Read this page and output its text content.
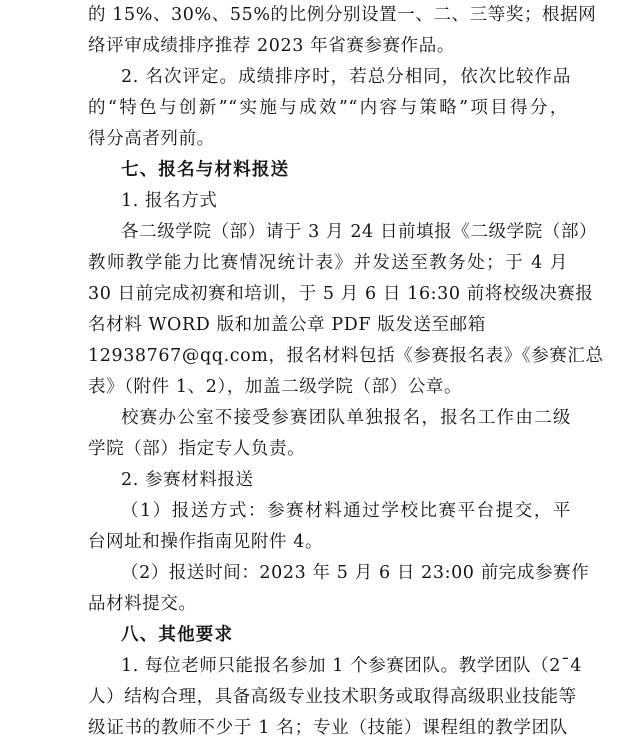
的 15%、30%、55%的比例分别设置一、二、三等奖；根据网
络评审成绩排序推荐 2023 年省赛参赛作品。
2. 名次评定。成绩排序时，若总分相同，依次比较作品
的“特色与创新”“实施与成效”“内容与策略”项目得分，
得分高者列前。
七、报名与材料报送
1. 报名方式
各二级学院（部）请于 3 月 24 日前填报《二级学院（部）
教师教学能力比赛情况统计表》并发送至教务处；于 4 月
30 日前完成初赛和培训，于 5 月 6 日 16:30 前将校级决赛报
名材料 WORD 版和加盖公章 PDF 版发送至邮箱
12938767@qq.com，报名材料包括《参赛报名表》《参赛汇总
表》（附件 1、2），加盖二级学院（部）公章。
校赛办公室不接受参赛团队单独报名，报名工作由二级
学院（部）指定专人负责。
2. 参赛材料报送
（1）报送方式：参赛材料通过学校比赛平台提交，平
台网址和操作指南见附件 4。
（2）报送时间：2023 年 5 月 6 日 23:00 前完成参赛作
品材料提交。
八、其他要求
1. 每位老师只能报名参加 1 个参赛团队。教学团队（2¯4
人）结构合理，具备高级专业技术职务或取得高级职业技能等
级证书的教师不少于 1 名；专业（技能）课程组的教学团队
